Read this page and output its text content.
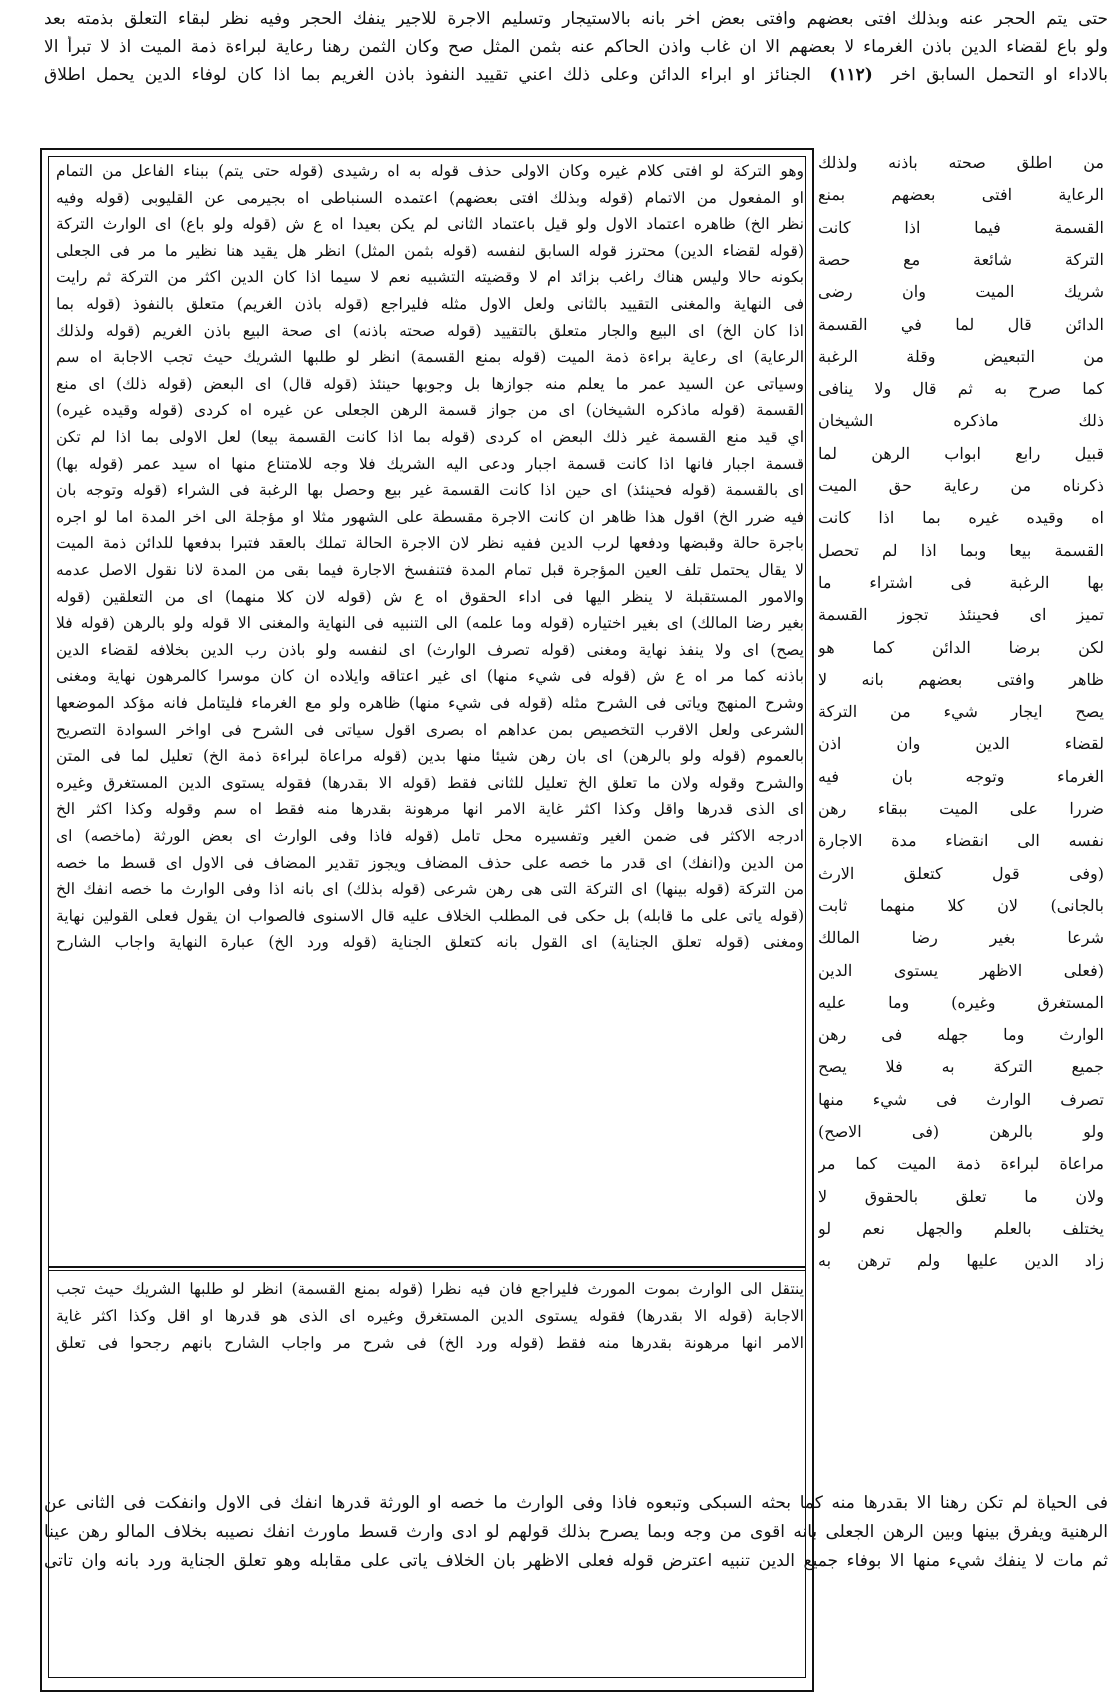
حتى يتم الحجر عنه وبذلك افتى بعضهم وافتى بعض اخر بانه بالاستيجار وتسليم الاجرة للاجير ينفك الحجر وفيه نظر لبقاء التعلق بذمته بعد
ولو باع لقضاء الدين باذن الغرماء لا بعضهم الا ان غاب واذن الحاكم عنه بثمن المثل صح وكان الثمن رهنا رعاية لبراءة ذمة الميت اذ لا تبرأ الا
بالاداء او التحمل السابق اخر (١١٢) الجنائز او ابراء الدائن وعلى ذلك اعني تقييد النفوذ باذن الغريم بما اذا كان لوفاء الدين يحمل اطلاق
من اطلق صحته باذنه ولذلك
الرعاية افتى بعضهم بمنع
القسمة فيما اذا كانت
التركة شائعة مع حصة
شريك الميت وان رضى
الدائن قال لما في القسمة
من التبعيض وقلة الرغبة
كما صرح به ثم قال ولا ينافى
ذلك ماذكره الشيخان
قبيل رابع ابواب الرهن لما
ذكرناه من رعاية حق الميت
اه وقيده غيره بما اذا كانت
القسمة بيعا وبما اذا لم تحصل
بها الرغبة فى اشتراء ما
تميز اى فحينئذ تجوز القسمة
لكن برضا الدائن كما هو
ظاهر وافتى بعضهم بانه لا
يصح ايجار شيء من التركة
لقضاء الدين وان اذن
الغرماء وتوجه بان فيه
ضررا على الميت ببقاء رهن
نفسه الى انقضاء مدة الاجارة
(وفى قول كتعلق الارث
بالجانى) لان كلا منهما ثابت
شرعا بغير رضا المالك
(فعلى الاظهر يستوى الدين
المستغرق وغيره) وما عليه
الوارث وما جهله فى رهن
جميع التركة به فلا يصح
تصرف الوارث فى شيء منها
ولو بالرهن (فى الاصح)
مراعاة لبراءة ذمة الميت كما مر
ولان ما تعلق بالحقوق لا
يختلف بالعلم والجهل نعم لو
زاد الدين عليها ولم ترهن به
وهو التركة لو افتى كلام غيره وكان الاولى حذف قوله به اه رشيدى (قوله حتى يتم) ببناء الفاعل من التمام
او المفعول من الاتمام (قوله وبذلك افتى بعضهم) اعتمده السنباطى اه بجيرمى عن القليوبى (قوله وفيه
نظر الخ) ظاهره اعتماد الاول ولو قيل باعتماد الثانى لم يكن بعيدا اه ع ش (قوله ولو باع) اى الوارث التركة
(قوله لقضاء الدين) محترز قوله السابق لنفسه (قوله بثمن المثل) انظر هل يقيد هنا نظير ما مر فى الجعلى
بكونه حالا وليس هناك راغب بزائد ام لا وقضيته التشبيه نعم لا سيما اذا كان الدين اكثر من التركة ثم رايت
فى النهاية والمغنى التقييد بالثانى ولعل الاول مثله فليراجع (قوله باذن الغريم) متعلق بالنفوذ (قوله بما
اذا كان الخ) اى البيع والجار متعلق بالتقييد (قوله صحته باذنه) اى صحة البيع باذن الغريم (قوله ولذلك
الرعاية) اى رعاية براءة ذمة الميت (قوله بمنع القسمة) انظر لو طلبها الشريك حيث تجب الاجابة اه سم
وسياتى عن السيد عمر ما يعلم منه جوازها بل وجوبها حينئذ (قوله قال) اى البعض (قوله ذلك) اى منع
القسمة (قوله ماذكره الشيخان) اى من جواز قسمة الرهن الجعلى عن غيره اه كردى (قوله وقيده غيره)
اي قيد منع القسمة غير ذلك البعض اه كردى (قوله بما اذا كانت القسمة بيعا) لعل الاولى بما اذا لم تكن
قسمة اجبار فانها اذا كانت قسمة اجبار ودعى اليه الشريك فلا وجه للامتناع منها اه سيد عمر (قوله بها)
اى بالقسمة (قوله فحينئذ) اى حين اذا كانت القسمة غير بيع وحصل بها الرغبة فى الشراء (قوله وتوجه بان
فيه ضرر الخ) اقول هذا ظاهر ان كانت الاجرة مقسطة على الشهور مثلا او مؤجلة الى اخر المدة اما لو اجره
باجرة حالة وقبضها ودفعها لرب الدين ففيه نظر لان الاجرة الحالة تملك بالعقد فتبرا بدفعها للدائن ذمة الميت
لا يقال يحتمل تلف العين المؤجرة قبل تمام المدة فتنفسخ الاجارة فيما بقى من المدة لانا نقول الاصل عدمه
والامور المستقبلة لا ينظر اليها فى اداء الحقوق اه ع ش (قوله لان كلا منهما) اى من التعلقين (قوله
بغير رضا المالك) اى بغير اختياره (قوله وما علمه) الى التنبيه فى النهاية والمغنى الا قوله ولو بالرهن (قوله فلا
يصح) اى ولا ينفذ نهاية ومغنى (قوله تصرف الوارث) اى لنفسه ولو باذن رب الدين بخلافه لقضاء الدين
باذنه كما مر اه ع ش (قوله فى شيء منها) اى غير اعتاقه وايلاده ان كان موسرا كالمرهون نهاية ومغنى
وشرح المنهج وياتى فى الشرح مثله (قوله فى شيء منها) ظاهره ولو مع الغرماء فليتامل فانه مؤكد الموضعها
الشرعى ولعل الاقرب التخصيص بمن عداهم اه بصرى اقول سياتى فى الشرح فى اواخر السوادة التصريح
بالعموم (قوله ولو بالرهن) اى بان رهن شيئا منها بدين (قوله مراعاة لبراءة ذمة الخ) تعليل لما فى المتن
والشرح وقوله ولان ما تعلق الخ تعليل للثانى فقط (قوله الا بقدرها) فقوله يستوى الدين المستغرق وغيره
اى الذى قدرها واقل وكذا اكثر غاية الامر انها مرهونة بقدرها منه فقط اه سم وقوله وكذا اكثر الخ
ادرجه الاكثر فى ضمن الغير وتفسيره محل تامل (قوله فاذا وفى الوارث اى بعض الورثة (ماخصه) اى
من الدين و(انفك) اى قدر ما خصه على حذف المضاف ويجوز تقدير المضاف فى الاول اى قسط ما خصه
من التركة (قوله بينها) اى التركة التى هى رهن شرعى (قوله بذلك) اى بانه اذا وفى الوارث ما خصه انفك الخ
(قوله ياتى على ما قابله) بل حكى فى المطلب الخلاف عليه قال الاسنوى فالصواب ان يقول فعلى القولين نهاية
ومغنى (قوله تعلق الجناية) اى القول بانه كتعلق الجناية (قوله ورد الخ) عبارة النهاية واجاب الشارح
ينتقل الى الوارث بموت المورث فليراجع فان فيه نظرا (قوله بمنع القسمة) انظر لو طلبها الشريك حيث تجب
الاجابة (قوله الا بقدرها) فقوله يستوى الدين المستغرق وغيره اى الذى هو قدرها او اقل وكذا اكثر غاية
الامر انها مرهونة بقدرها منه فقط (قوله ورد الخ) فى شرح مر واجاب الشارح بانهم رجحوا فى تعلق
فى الحياة لم تكن رهنا الا بقدرها منه كما بحثه السبكى وتبعوه فاذا وفى الوارث ما خصه او الورثة قدرها انفك فى الاول وانفكت فى الثانى عن
الرهنية ويفرق بينها وبين الرهن الجعلى بانه اقوى من وجه وبما يصرح بذلك قولهم لو ادى وارث قسط ماورث انفك نصيبه بخلاف المالو رهن عينا
ثم مات لا ينفك شيء منها الا بوفاء جميع الدين تنبيه اعترض قوله فعلى الاظهر بان الخلاف ياتى على مقابله وهو تعلق الجناية ورد بانه وان تاتى
